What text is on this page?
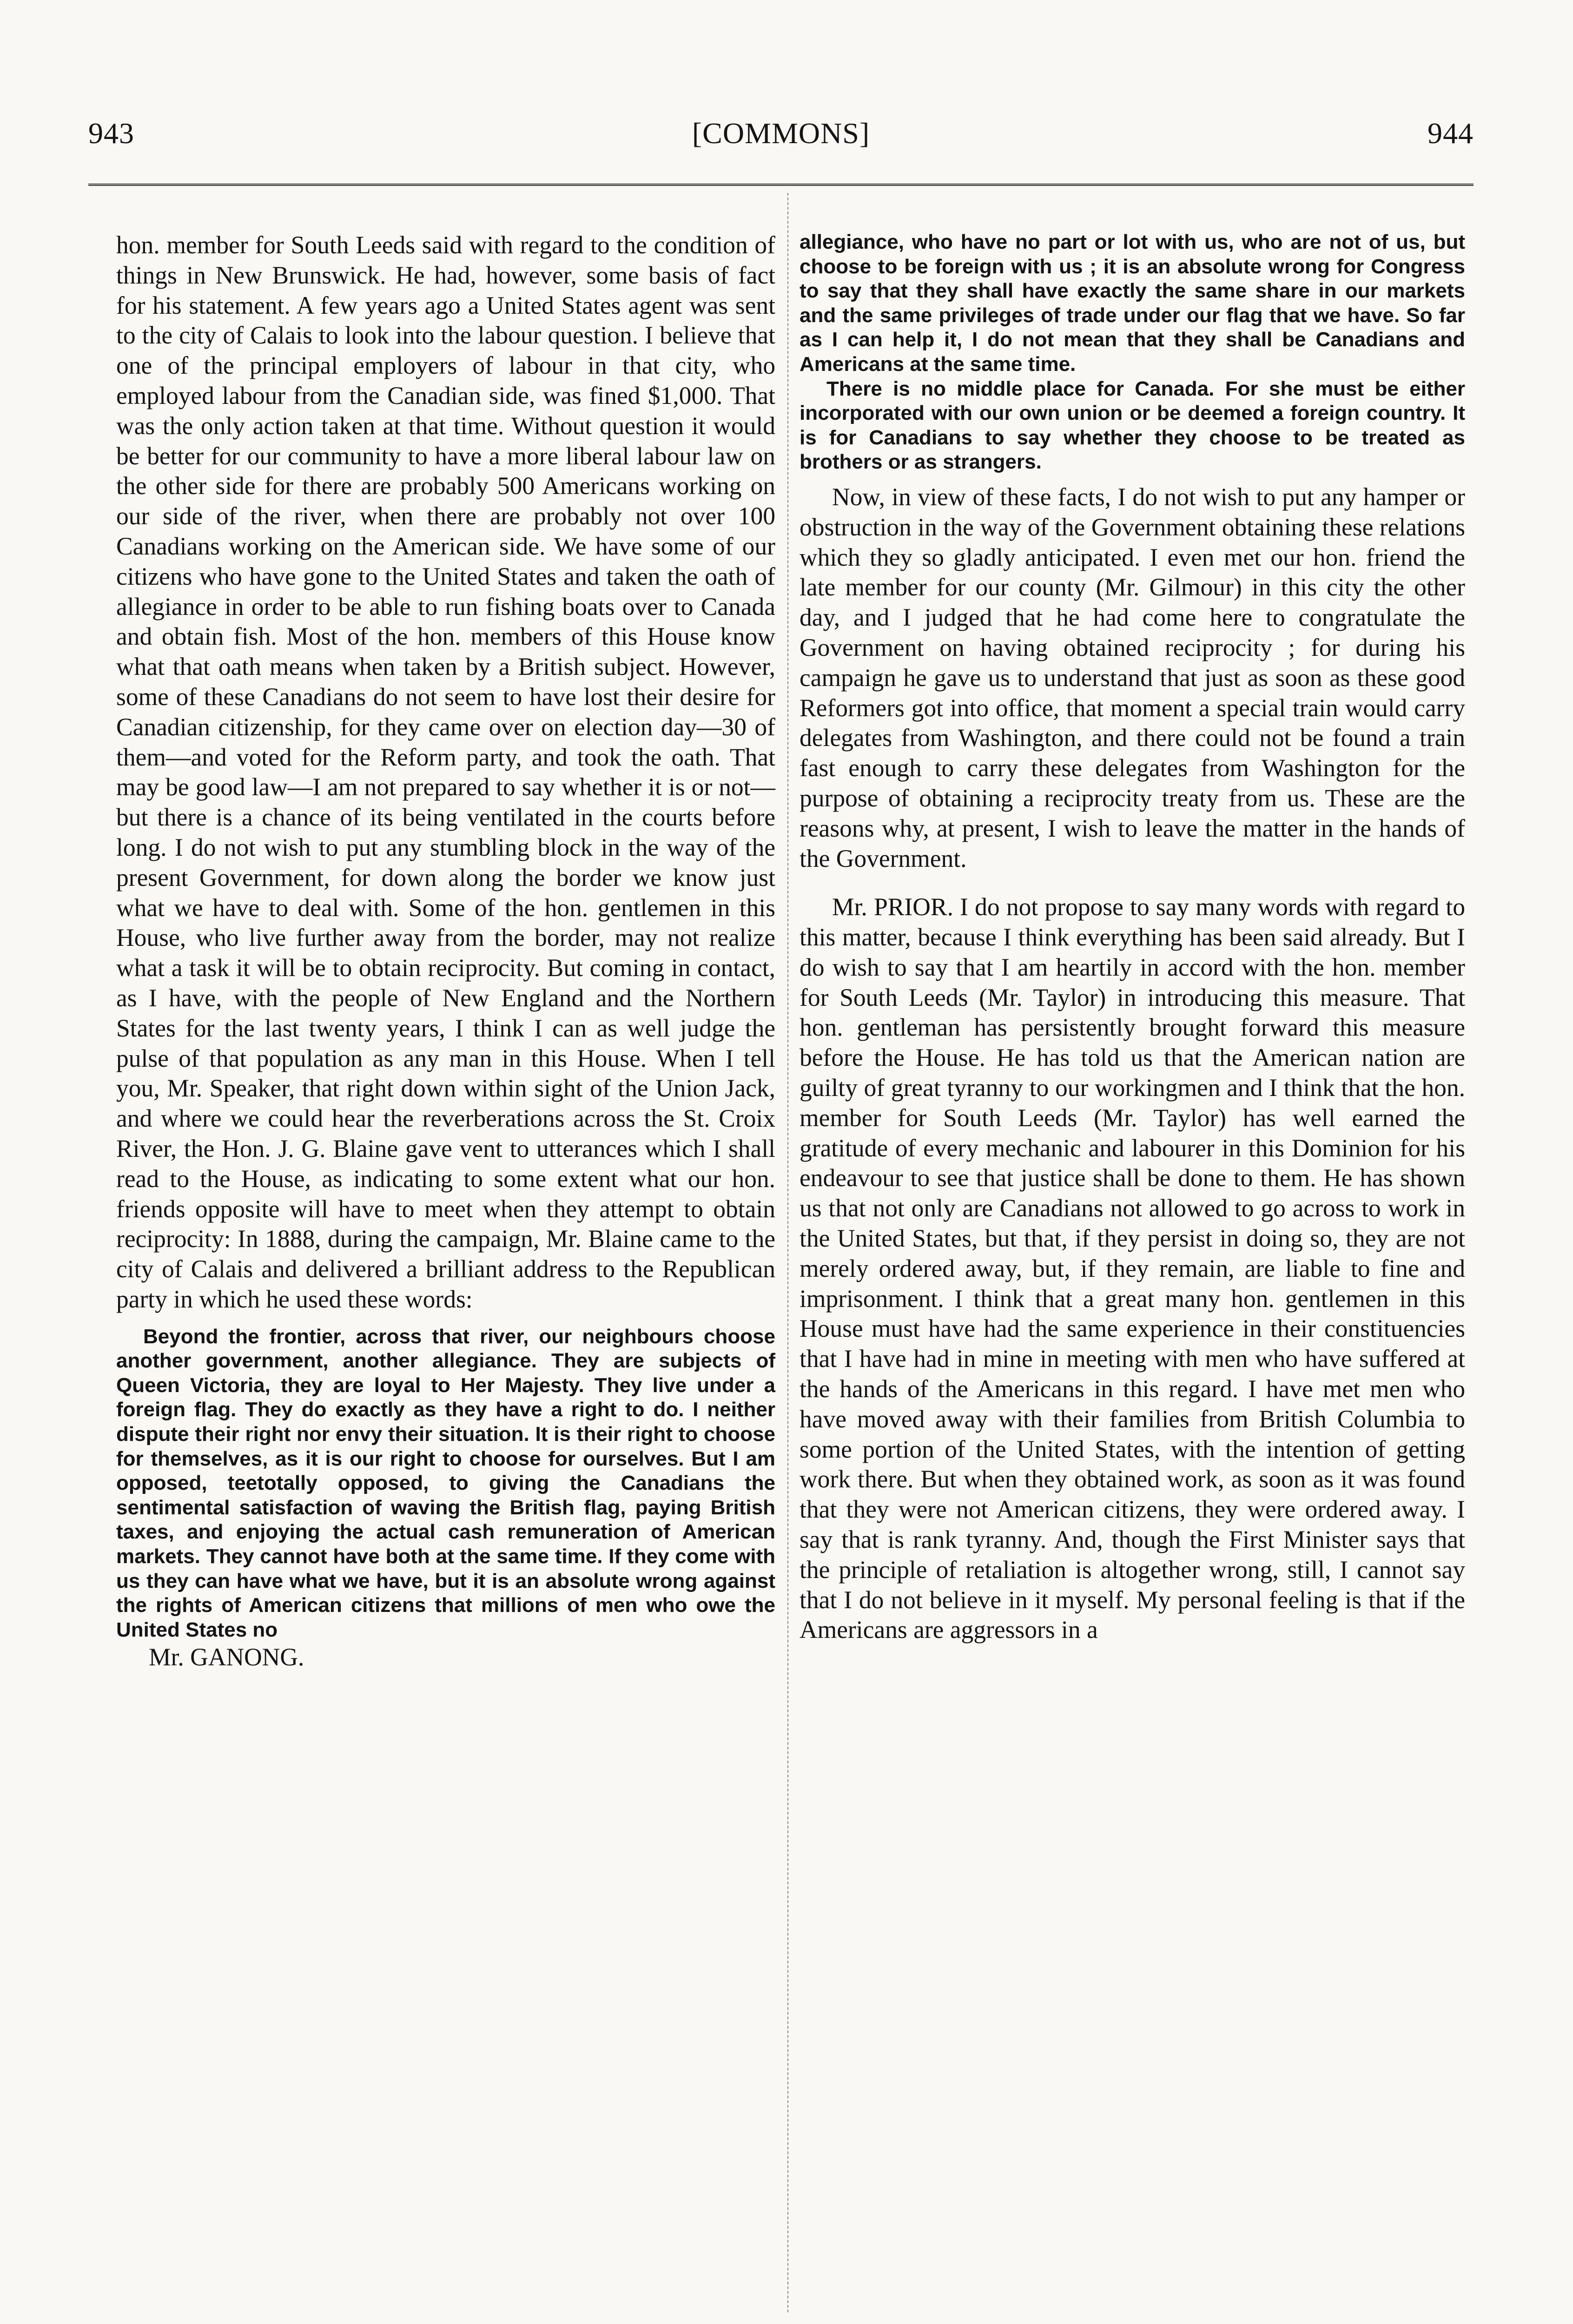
943	[COMMONS]	944

hon. member for South Leeds said with regard to the condition of things in New Brunswick. He had, however, some basis of fact for his statement. A few years ago a United States agent was sent to the city of Calais to look into the labour question. I believe that one of the principal employers of labour in that city, who employed labour from the Canadian side, was fined $1,000. That was the only action taken at that time. Without question it would be better for our community to have a more liberal labour law on the other side for there are probably 500 Americans working on our side of the river, when there are probably not over 100 Canadians working on the American side. We have some of our citizens who have gone to the United States and taken the oath of allegiance in order to be able to run fishing boats over to Canada and obtain fish. Most of the hon. members of this House know what that oath means when taken by a British subject. However, some of these Canadians do not seem to have lost their desire for Canadian citizenship, for they came over on election day—30 of them—and voted for the Reform party, and took the oath. That may be good law—I am not prepared to say whether it is or not—but there is a chance of its being ventilated in the courts before long. I do not wish to put any stumbling block in the way of the present Government, for down along the border we know just what we have to deal with. Some of the hon. gentlemen in this House, who live further away from the border, may not realize what a task it will be to obtain reciprocity. But coming in contact, as I have, with the people of New England and the Northern States for the last twenty years, I think I can as well judge the pulse of that population as any man in this House. When I tell you, Mr. Speaker, that right down within sight of the Union Jack, and where we could hear the reverberations across the St. Croix River, the Hon. J. G. Blaine gave vent to utterances which I shall read to the House, as indicating to some extent what our hon. friends opposite will have to meet when they attempt to obtain reciprocity: In 1888, during the campaign, Mr. Blaine came to the city of Calais and delivered a brilliant address to the Republican party in which he used these words:

Beyond the frontier, across that river, our neighbours choose another government, another allegiance. They are subjects of Queen Victoria, they are loyal to Her Majesty. They live under a foreign flag. They do exactly as they have a right to do. I neither dispute their right nor envy their situation. It is their right to choose for themselves, as it is our right to choose for ourselves. But I am opposed, teetotally opposed, to giving the Canadians the sentimental satisfaction of waving the British flag, paying British taxes, and enjoying the actual cash remuneration of American markets. They cannot have both at the same time. If they come with us they can have what we have, but it is an absolute wrong against the rights of American citizens that millions of men who owe the United States no

Mr. GANONG.

allegiance, who have no part or lot with us, who are not of us, but choose to be foreign with us ; it is an absolute wrong for Congress to say that they shall have exactly the same share in our markets and the same privileges of trade under our flag that we have. So far as I can help it, I do not mean that they shall be Canadians and Americans at the same time.

There is no middle place for Canada. For she must be either incorporated with our own union or be deemed a foreign country. It is for Canadians to say whether they choose to be treated as brothers or as strangers.

Now, in view of these facts, I do not wish to put any hamper or obstruction in the way of the Government obtaining these relations which they so gladly anticipated. I even met our hon. friend the late member for our county (Mr. Gilmour) in this city the other day, and I judged that he had come here to congratulate the Government on having obtained reciprocity ; for during his campaign he gave us to understand that just as soon as these good Reformers got into office, that moment a special train would carry delegates from Washington, and there could not be found a train fast enough to carry these delegates from Washington for the purpose of obtaining a reciprocity treaty from us. These are the reasons why, at present, I wish to leave the matter in the hands of the Government.

Mr. PRIOR. I do not propose to say many words with regard to this matter, because I think everything has been said already. But I do wish to say that I am heartily in accord with the hon. member for South Leeds (Mr. Taylor) in introducing this measure. That hon. gentleman has persistently brought forward this measure before the House. He has told us that the American nation are guilty of great tyranny to our workingmen and I think that the hon. member for South Leeds (Mr. Taylor) has well earned the gratitude of every mechanic and labourer in this Dominion for his endeavour to see that justice shall be done to them. He has shown us that not only are Canadians not allowed to go across to work in the United States, but that, if they persist in doing so, they are not merely ordered away, but, if they remain, are liable to fine and imprisonment. I think that a great many hon. gentlemen in this House must have had the same experience in their constituencies that I have had in mine in meeting with men who have suffered at the hands of the Americans in this regard. I have met men who have moved away with their families from British Columbia to some portion of the United States, with the intention of getting work there. But when they obtained work, as soon as it was found that they were not American citizens, they were ordered away. I say that is rank tyranny. And, though the First Minister says that the principle of retaliation is altogether wrong, still, I cannot say that I do not believe in it myself. My personal feeling is that if the Americans are aggressors in a
